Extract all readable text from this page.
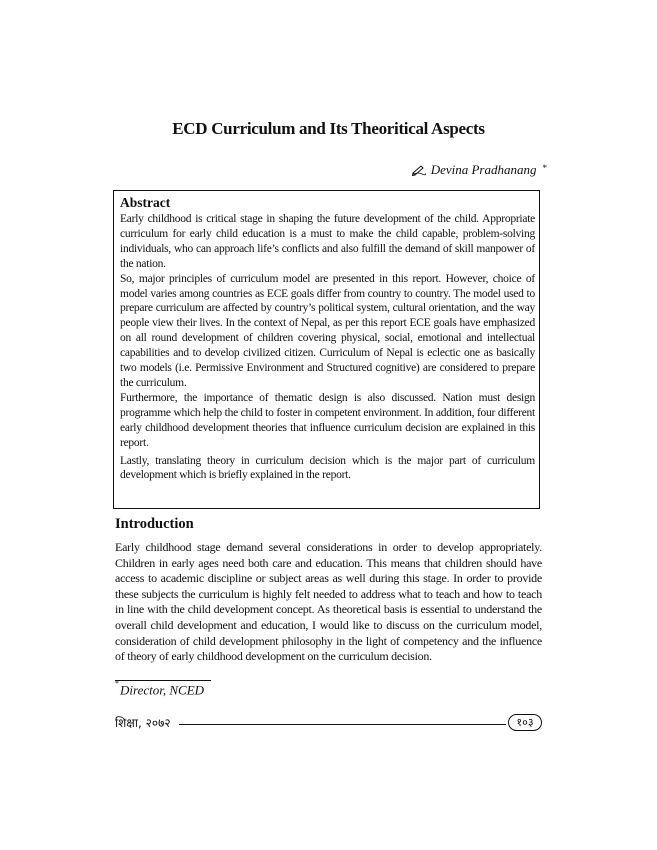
ECD Curriculum and Its Theoritical Aspects
Devina Pradhanang *
Abstract

Early childhood is critical stage in shaping the future development of the child. Appropriate curriculum for early child education is a must to make the child capable, problem-solving individuals, who can approach life’s conflicts and also fulfill the demand of skill manpower of the nation.

So, major principles of curriculum model are presented in this report. However, choice of model varies among countries as ECE goals differ from country to country. The model used to prepare curriculum are affected by country’s political system, cultural orientation, and the way people view their lives. In the context of Nepal, as per this report ECE goals have emphasized on all round development of children covering physical, social, emotional and intellectual capabilities and to develop civilized citizen. Curriculum of Nepal is eclectic one as basically two models (i.e. Permissive Environment and Structured cognitive) are considered to prepare the curriculum.

Furthermore, the importance of thematic design is also discussed. Nation must design programme which help the child to foster in competent environment. In addition, four different early childhood development theories that influence curriculum decision are explained in this report.

Lastly, translating theory in curriculum decision which is the major part of curriculum development which is briefly explained in the report.

Introduction

Early childhood stage demand several considerations in order to develop appropriately. Children in early ages need both care and education. This means that children should have access to academic discipline or subject areas as well during this stage. In order to provide these subjects the curriculum is highly felt needed to address what to teach and how to teach in line with the child development concept. As theoretical basis is essential to understand the overall child development and education, I would like to discuss on the curriculum model, consideration of child development philosophy in the light of competency and the influence of theory of early childhood development on the curriculum decision.

*Director, NCED

शिक्षा, २०७२	१०३
